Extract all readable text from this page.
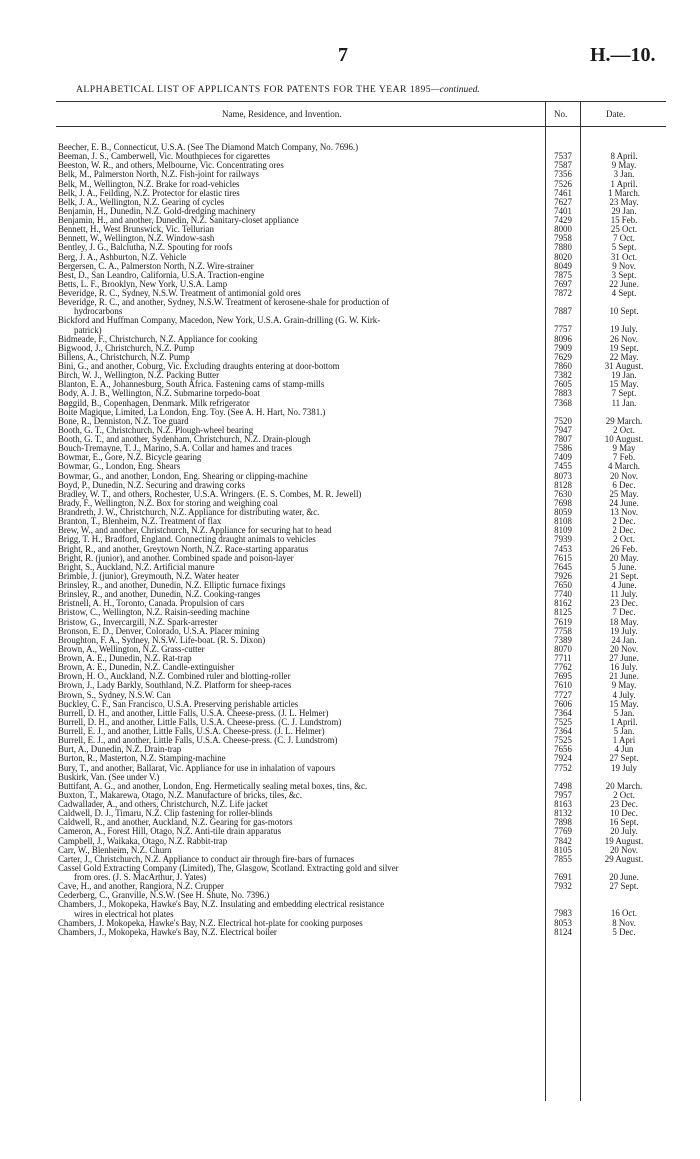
7	H.—10.
ALPHABETICAL LIST OF APPLICANTS FOR PATENTS FOR THE YEAR 1895—continued.
Name, Residence, and Invention.	No.	Date.
Beecher, E. B., Connecticut, U.S.A. (See The Diamond Match Company, No. 7696.)
Beeman, J. S., Camberwell, Vic. Mouthpieces for cigarettes	7537	8 April.
Beeston, W. R., and others, Melbourne, Vic. Concentrating ores	7587	9 May.
Belk, M., Palmerston North, N.Z. Fish-joint for railways	7356	3 Jan.
Belk, M., Wellington, N.Z. Brake for road-vehicles	7526	1 April.
Belk, J. A., Feilding, N.Z. Protector for elastic tires	7461	1 March.
Belk, J. A., Wellington, N.Z. Gearing of cycles	7627	23 May.
Benjamin, H., Dunedin, N.Z. Gold-dredging machinery	7401	29 Jan.
Benjamin, H., and another, Dunedin, N.Z. Sanitary-closet appliance	7429	15 Feb.
Bennett, H., West Brunswick, Vic. Tellurian	8000	25 Oct.
Bennett, W., Wellington, N.Z. Window-sash	7958	7 Oct.
Bentley, J. G., Balclutha, N.Z. Spouting for roofs	7880	5 Sept.
Berg, J. A., Ashburton, N.Z. Vehicle	8020	31 Oct.
Bergersen, C. A., Palmerston North, N.Z. Wire-strainer	8049	9 Nov.
Best, D., San Leandro, California, U.S.A. Traction-engine	7875	3 Sept.
Betts, L. F., Brooklyn, New York, U.S.A. Lamp	7697	22 June.
Beveridge, R. C., Sydney, N.S.W. Treatment of antimonial gold ores	7872	4 Sept.
Beveridge, R. C., and another, Sydney, N.S.W. Treatment of kerosene-shale for production of
hydrocarbons	7887	10 Sept.
Bickford and Huffman Company, Macedon, New York, U.S.A. Grain-drilling (G. W. Kirk-
patrick)	7757	19 July.
Bidmeade, F., Christchurch, N.Z. Appliance for cooking	8096	26 Nov.
Bigwood, J., Christchurch, N.Z. Pump	7909	19 Sept.
Billens, A., Christchurch, N.Z. Pump	7629	22 May.
Bini, G., and another, Coburg, Vic. Excluding draughts entering at door-bottom	7860	31 August.
Birch, W. J., Wellington, N.Z. Packing Butter	7382	19 Jan.
Blanton, E. A., Johannesburg, South Africa. Fastening cams of stamp-mills	7605	15 May.
Body, A. J. B., Wellington, N.Z. Submarine torpedo-boat	7883	7 Sept.
Bøggild, B., Copenhagen, Denmark. Milk refrigerator	7368	11 Jan.
Boite Magique, Limited, La London, Eng. Toy. (See A. H. Hart, No. 7381.)
Bone, R., Denniston, N.Z. Toe guard	7520	29 March.
Booth, G. T., Christchurch, N.Z. Plough-wheel bearing	7947	2 Oct.
Booth, G. T., and another, Sydenham, Christchurch, N.Z. Drain-plough	7807	10 August.
Bouch-Tremayne, T. J., Marino, S.A. Collar and hames and traces	7586	9 May
Bowmar, E., Gore, N.Z. Bicycle gearing	7409	7 Feb.
Bowmar, G., London, Eng. Shears	7455	4 March.
Bowmar, G., and another, London, Eng. Shearing or clipping-machine	8073	20 Nov.
Boyd, P., Dunedin, N.Z. Securing and drawing corks	8128	6 Dec.
Bradley, W. T., and others, Rochester, U.S.A. Wringers. (E. S. Combes, M. R. Jewell)	7630	25 May.
Brady, F., Wellington, N.Z. Box for storing and weighing coal	7698	24 June.
Brandreth, J. W., Christchurch, N.Z. Appliance for distributing water, &c.	8059	13 Nov.
Branton, T., Blenheim, N.Z. Treatment of flax	8108	2 Dec.
Brew, W., and another, Christchurch, N.Z. Appliance for securing hat to head	8109	2 Dec.
Brigg, T. H., Bradford, England. Connecting draught animals to vehicles	7939	2 Oct.
Bright, R., and another, Greytown North, N.Z. Race-starting apparatus	7453	26 Feb.
Bright, R. (junior), and another. Combined spade and poison-layer	7615	20 May.
Bright, S., Auckland, N.Z. Artificial manure	7645	5 June.
Brimble, J. (junior), Greymouth, N.Z. Water heater	7926	21 Sept.
Brinsley, R., and another, Dunedin, N.Z. Elliptic furnace fixings	7650	4 June.
Brinsley, R., and another, Dunedin, N.Z. Cooking-ranges	7740	11 July.
Bristnell, A. H., Toronto, Canada. Propulsion of cars	8162	23 Dec.
Bristow, C., Wellington, N.Z. Raisin-seeding machine	8125	7 Dec.
Bristow, G., Invercargill, N.Z. Spark-arrester	7619	18 May.
Bronson, E. D., Denver, Colorado, U.S.A. Placer mining	7758	19 July.
Broughton, F. A., Sydney, N.S.W. Life-boat. (R. S. Dixon)	7389	24 Jan.
Brown, A., Wellington, N.Z. Grass-cutter	8070	20 Nov.
Brown, A. E., Dunedin, N.Z. Rat-trap	7711	27 June.
Brown, A. E., Dunedin, N.Z. Candle-extinguisher	7762	16 July.
Brown, H. O., Auckland, N.Z. Combined ruler and blotting-roller	7695	21 June.
Brown, J., Lady Barkly, Southland, N.Z. Platform for sheep-races	7610	9 May.
Brown, S., Sydney, N.S.W. Can	7727	4 July.
Buckley, C. F., San Francisco, U.S.A. Preserving perishable articles	7606	15 May.
Burrell, D. H., and another, Little Falls, U.S.A. Cheese-press. (J. L. Helmer)	7364	5 Jan.
Burrell, D. H., and another, Little Falls, U.S.A. Cheese-press. (C. J. Lundstrom)	7525	1 April.
Burrell, E. J., and another, Little Falls, U.S.A. Cheese-press. (J. L. Helmer)	7364	5 Jan.
Burrell, E. J., and another, Little Falls, U.S.A. Cheese-press. (C. J. Lundstrom)	7525	1 Apri
Burt, A., Dunedin, N.Z. Drain-trap	7656	4 Jun
Burton, R., Masterton, N.Z. Stamping-machine	7924	27 Sept.
Bury, T., and another, Ballarat, Vic. Appliance for use in inhalation of vapours	7752	19 July
Buskirk, Van. (See under V.)
Buttifant, A. G., and another, London, Eng. Hermetically sealing metal boxes, tins, &c.	7498	20 March.
Buxton, T., Makarewa, Otago, N.Z. Manufacture of bricks, tiles, &c.	7957	2 Oct.
Cadwallader, A., and others, Christchurch, N.Z. Life jacket	8163	23 Dec.
Caldwell, D. J., Timaru, N.Z. Clip fastening for roller-blinds	8132	10 Dec.
Caldwell, R., and another, Auckland, N.Z. Gearing for gas-motors	7898	16 Sept.
Cameron, A., Forest Hill, Otago, N.Z. Anti-tile drain apparatus	7769	20 July.
Campbell, J., Waikaka, Otago, N.Z. Rabbit-trap	7842	19 August.
Carr, W., Blenheim, N.Z. Churn	8105	20 Nov.
Carter, J., Christchurch, N.Z. Appliance to conduct air through fire-bars of furnaces	7855	29 August.
Cassel Gold Extracting Company (Limited), The, Glasgow, Scotland. Extracting gold and silver
from ores. (J. S. MacArthur, J. Yates)	7691	20 June.
Cave, H., and another, Rangiora, N.Z. Crupper	7932	27 Sept.
Cederberg, C., Granville, N.S.W. (See H. Shute, No. 7396.)
Chambers, J., Mokopeka, Hawke's Bay, N.Z. Insulating and embedding electrical resistance
wires in electrical hot plates	7983	16 Oct.
Chambers, J. Mokopeka, Hawke's Bay, N.Z. Electrical hot-plate for cooking purposes	8053	8 Nov.
Chambers, J., Mokopeka, Hawke's Bay, N.Z. Electrical boiler	8124	5 Dec.
